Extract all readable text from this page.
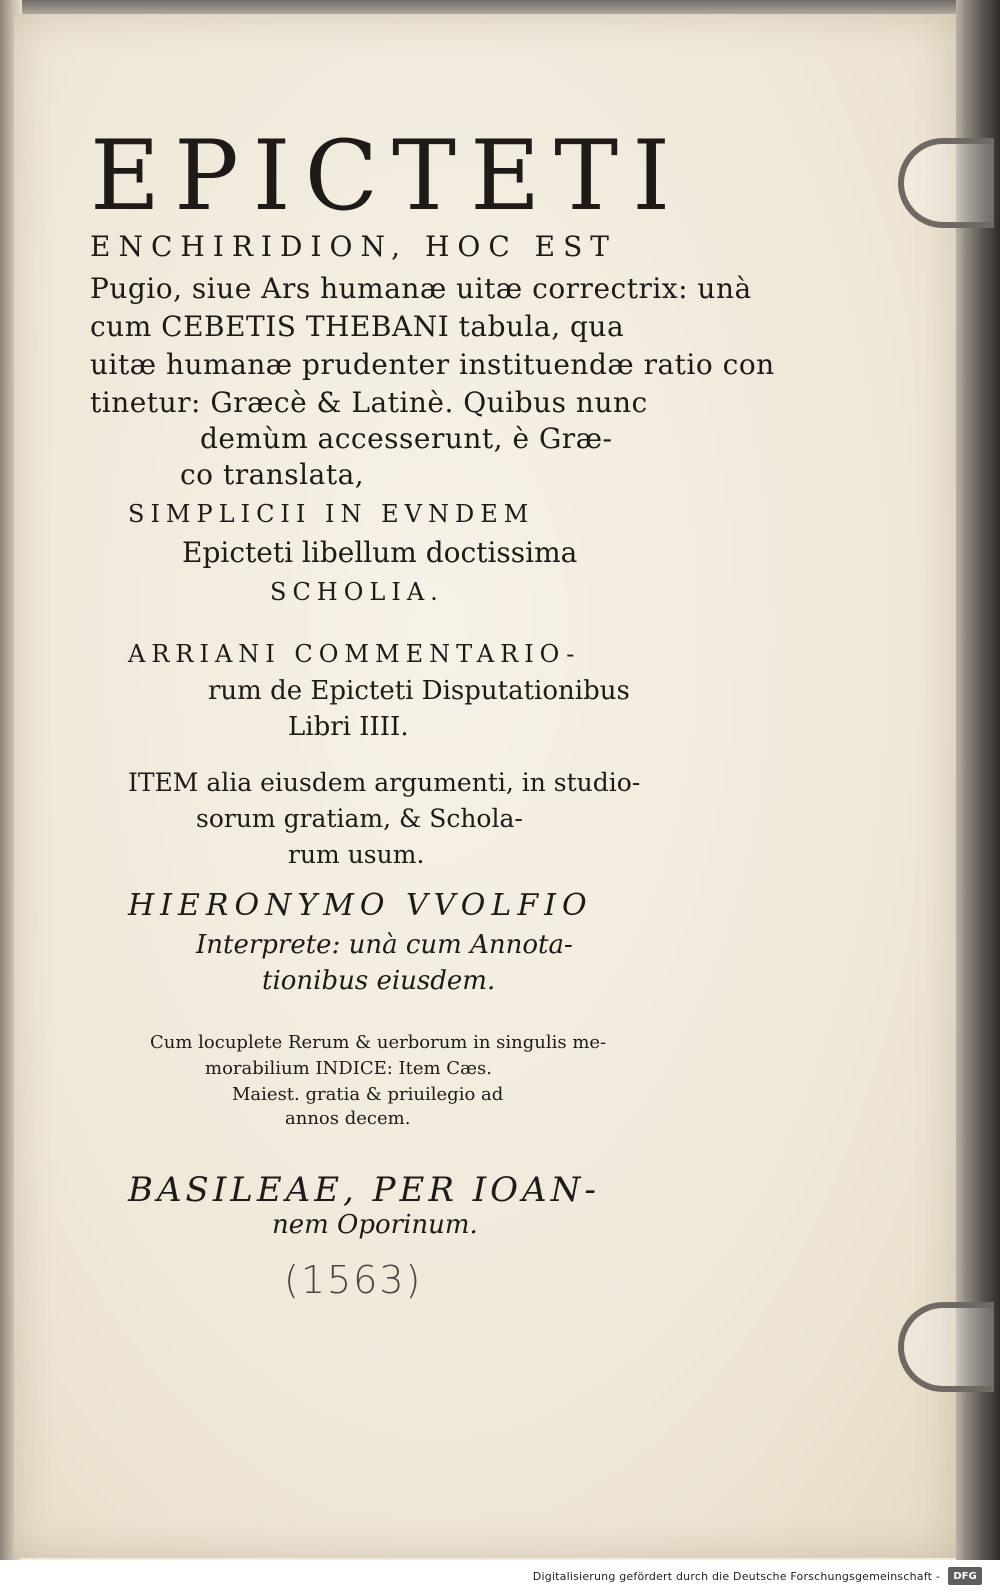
EPICTETI
ENCHIRIDION, HOC EST
Pugio, siue Ars humanæ uitæ correctrix: unà
cum CEBETIS THEBANI tabula, qua
uitæ humanæ prudenter instituendæ ratio con
tinetur: Græcè & Latinè. Quibus nunc
demùm accesserunt, è Græ-
co translata,
SIMPLICII IN EVNDEM
Epicteti libellum doctissima
SCHOLIA.
ARRIANI COMMENTARIO-
rum de Epicteti Disputationibus
Libri IIII.
ITEM alia eiusdem argumenti, in studio-
sorum gratiam, & Schola-
rum usum.
HIERONYMO VVOLFIO
Interprete: unà cum Annota-
tionibus eiusdem.
Cum locuplete Rerum & uerborum in singulis me-
morabilium INDICE: Item Cæs.
Maiest. gratia & priuilegio ad
annos decem.
BASILEAE, PER IOAN-
nem Oporinum.
(1563)
Digitalisierung gefördert durch die Deutsche Forschungsgemeinschaft -	DFG
